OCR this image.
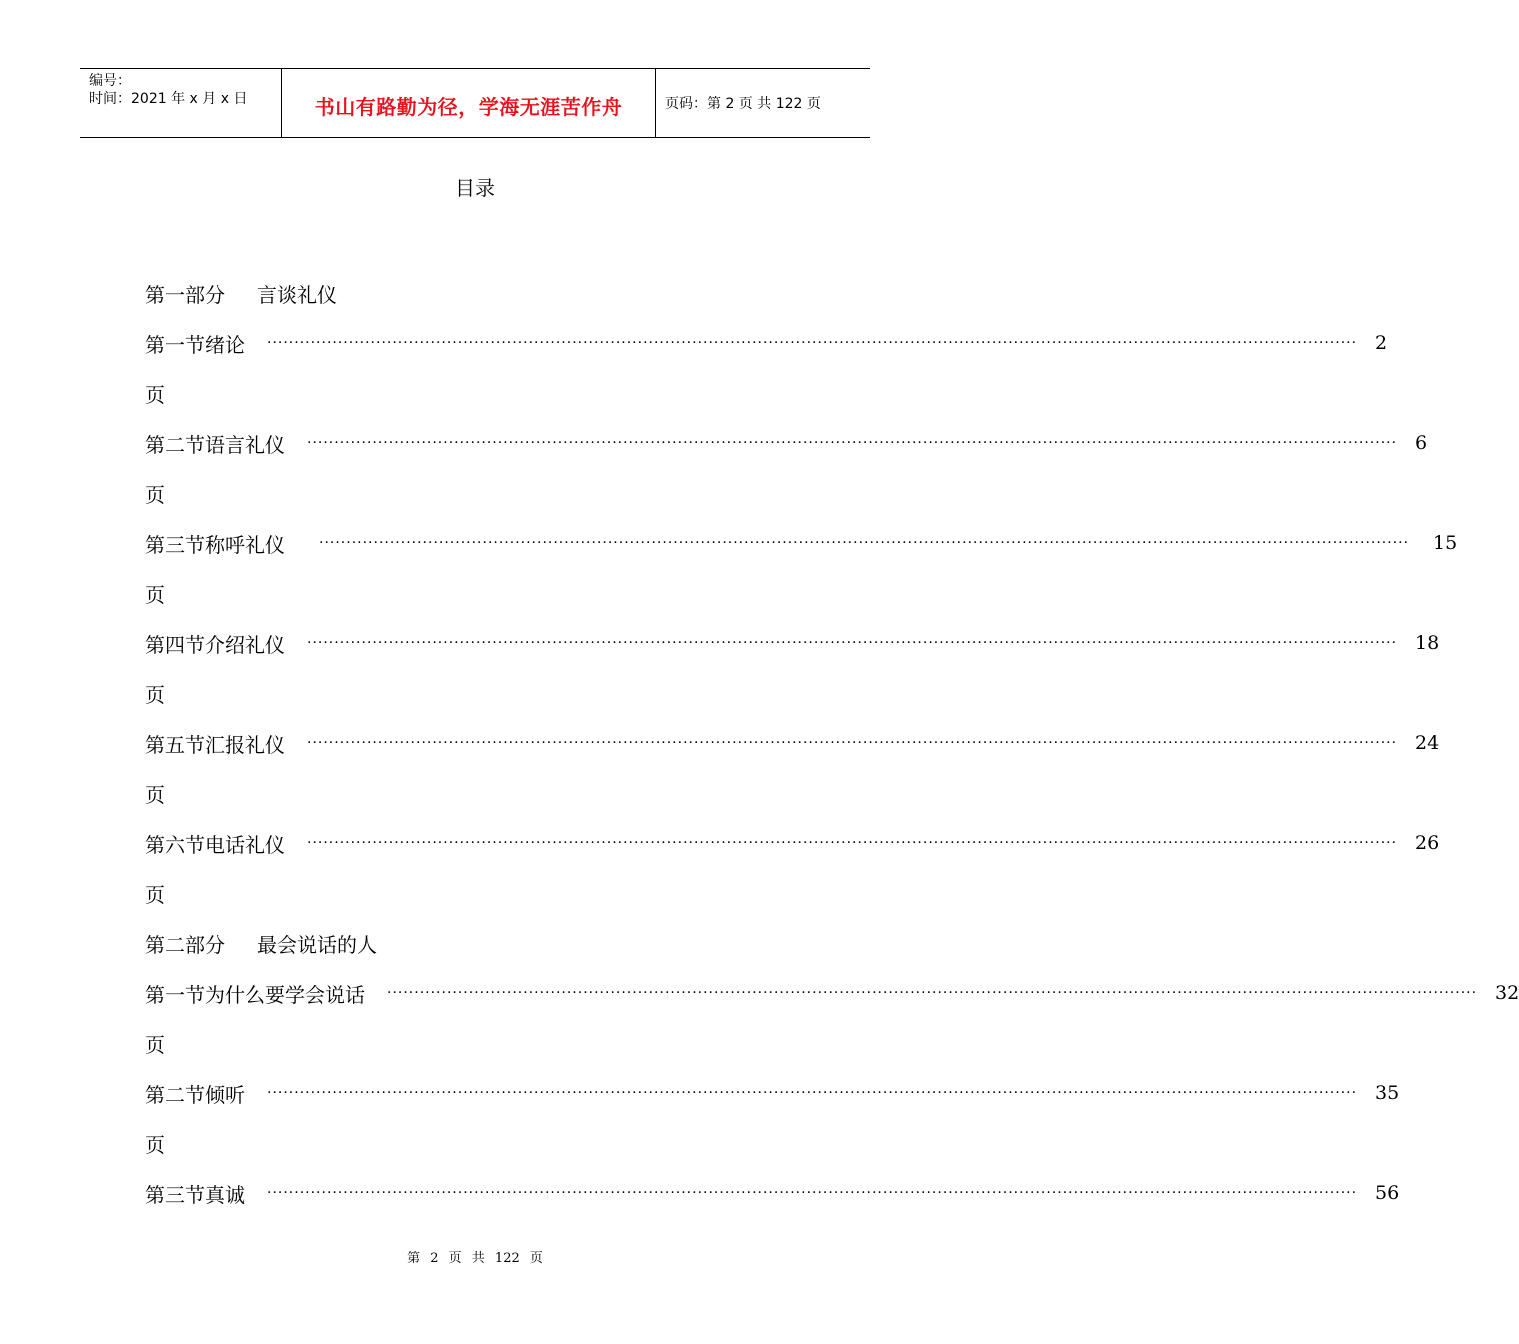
编号：
时间：2021 年 x 月 x 日	书山有路勤为径，学海无涯苦作舟	页码：第 2 页 共 122 页
目录
第一部分	言谈礼仪
第一节 绪论 ········································································································································································································ 2
页
第二节 语言礼仪 ········································································································································································································ 6
页
第三节 称呼礼仪 ········································································································································································································ 15
页
第四节 介绍礼仪 ········································································································································································································ 18
页
第五节 汇报礼仪 ········································································································································································································ 24
页
第六节 电话礼仪 ········································································································································································································ 26
页
第二部分	最会说话的人
第一节 为什么要学会说话 ········································································································································································································ 32
页
第二节 倾听 ········································································································································································································ 35
页
第三节 真诚 ········································································································································································································ 56
第 2 页 共 122 页
